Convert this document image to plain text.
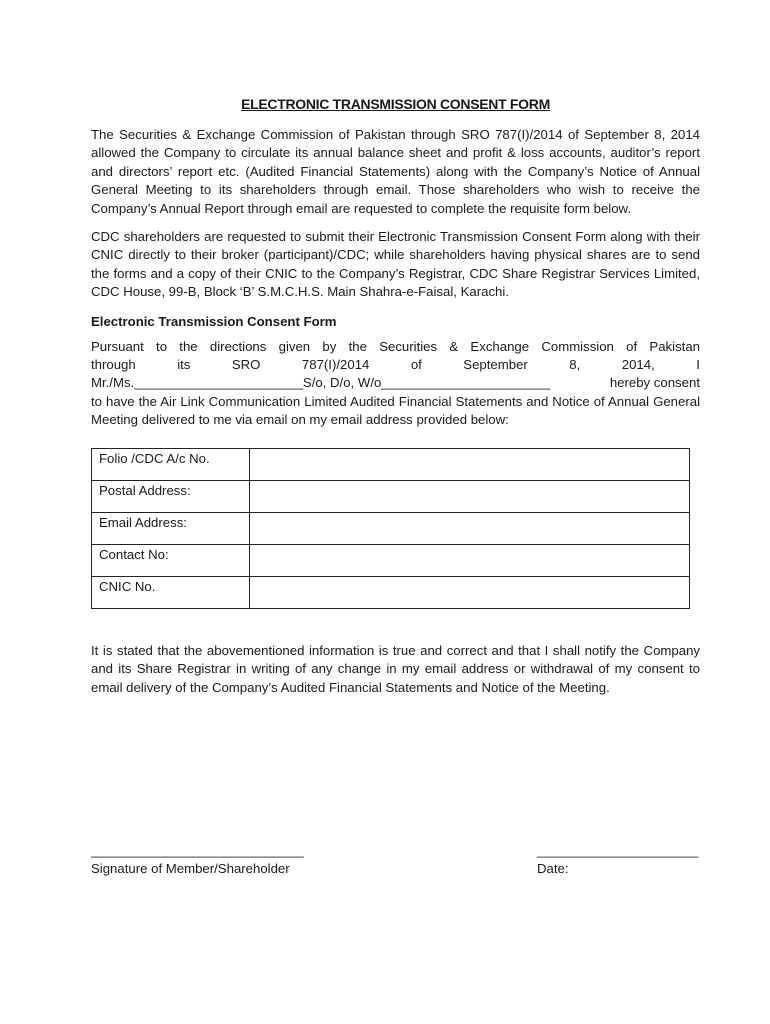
ELECTRONIC TRANSMISSION CONSENT FORM

The Securities & Exchange Commission of Pakistan through SRO 787(I)/2014 of September 8, 2014 allowed the Company to circulate its annual balance sheet and profit & loss accounts, auditor’s report and directors’ report etc. (Audited Financial Statements) along with the Company’s Notice of Annual General Meeting to its shareholders through email. Those shareholders who wish to receive the Company’s Annual Report through email are requested to complete the requisite form below.

CDC shareholders are requested to submit their Electronic Transmission Consent Form along with their CNIC directly to their broker (participant)/CDC; while shareholders having physical shares are to send the forms and a copy of their CNIC to the Company’s Registrar, CDC Share Registrar Services Limited, CDC House, 99-B, Block ‘B’ S.M.C.H.S. Main Shahra-e-Faisal, Karachi.

Electronic Transmission Consent Form

Pursuant to the directions given by the Securities & Exchange Commission of Pakistan

through	its	SRO	787(I)/2014	of	September	8,	2014,	I
Mr./Ms._______________________S/o, D/o, W/o_______________________	hereby consent

to have the Air Link Communication Limited Audited Financial Statements and Notice of Annual General Meeting delivered to me via email on my email address provided below:

Folio /CDC A/c No.	
Postal Address:	
Email Address:	
Contact No:	
CNIC No.	

It is stated that the abovementioned information is true and correct and that I shall notify the Company and its Share Registrar in writing of any change in my email address or withdrawal of my consent to email delivery of the Company’s Audited Financial Statements and Notice of the Meeting.

_____________________________
Signature of Member/Shareholder
______________________
Date:
